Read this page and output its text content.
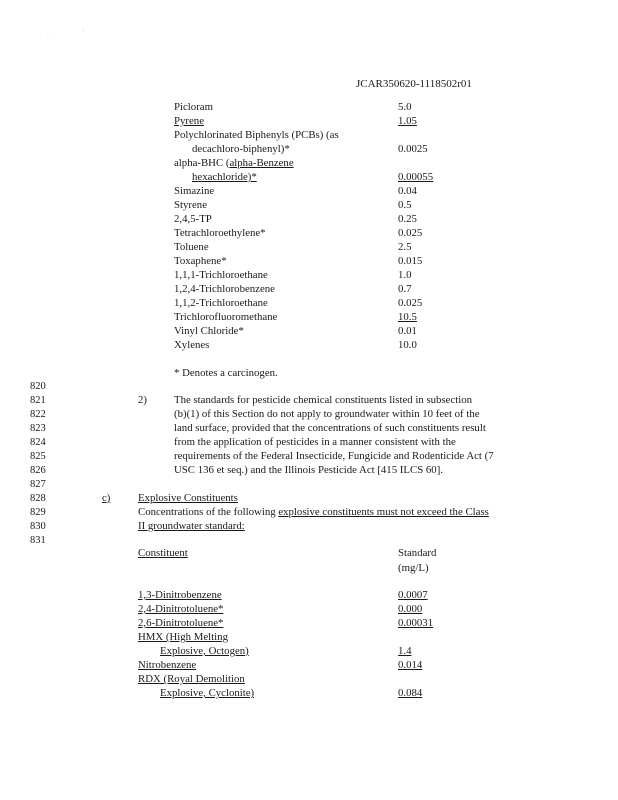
·
·
JCAR350620-1118502r01
Picloram	5.0
Pyrene	1.05
Polychlorinated Biphenyls (PCBs) (as
decachloro-biphenyl)*	0.0025
alpha-BHC (alpha-Benzene
hexachloride)*	0.00055
Simazine	0.04
Styrene	0.5
2,4,5-TP	0.25
Tetrachloroethylene*	0.025
Toluene	2.5
Toxaphene*	0.015
1,1,1-Trichloroethane	1.0
1,2,4-Trichlorobenzene	0.7
1,1,2-Trichloroethane	0.025
Trichlorofluoromethane	10.5
Vinyl Chloride*	0.01
Xylenes	10.0
* Denotes a carcinogen.
820
821
822
823
824
825
826
827
828
829
830
831
2)	The standards for pesticide chemical constituents listed in subsection
(b)(1) of this Section do not apply to groundwater within 10 feet of the
land surface, provided that the concentrations of such constituents result
from the application of pesticides in a manner consistent with the
requirements of the Federal Insecticide, Fungicide and Rodenticide Act (7
USC 136 et seq.) and the Illinois Pesticide Act [415 ILCS 60].
c)	Explosive Constituents
Concentrations of the following explosive constituents must not exceed the Class
II groundwater standard:
Constituent	Standard
(mg/L)
1,3-Dinitrobenzene	0.0007
2,4-Dinitrotoluene*	0.000
2,6-Dinitrotoluene*	0.00031
HMX (High Melting
Explosive, Octogen)	1.4
Nitrobenzene	0.014
RDX (Royal Demolition
Explosive, Cyclonite)	0.084
